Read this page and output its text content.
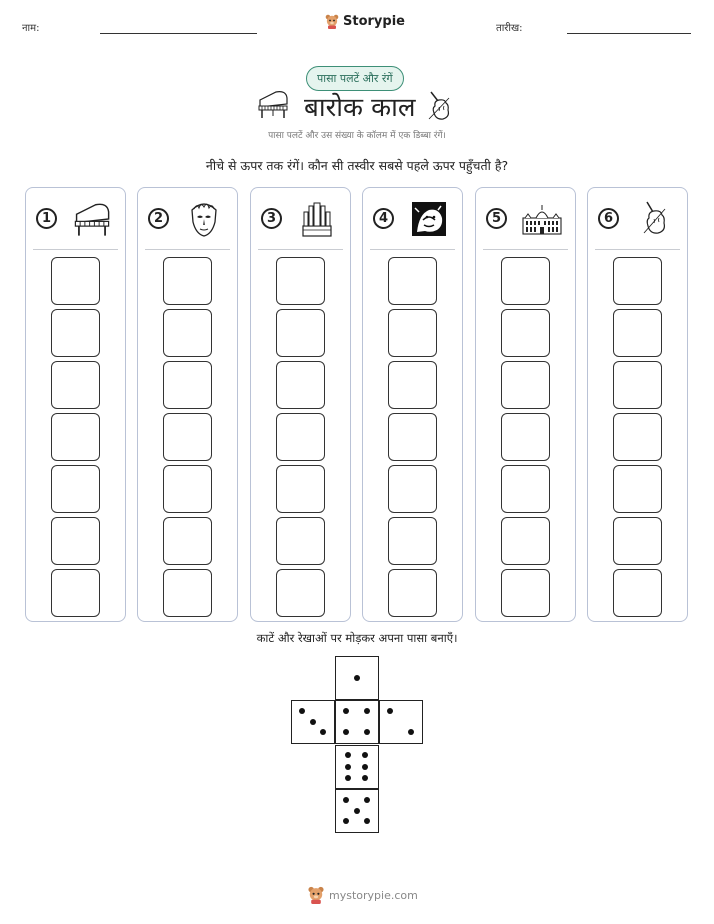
नाम:	Storypie	तारीख:
पासा पलटें और रंगें
बारोक काल
पासा पलटें और उस संख्या के कॉलम में एक डिब्बा रंगें।
नीचे से ऊपर तक रंगें। कौन सी तस्वीर सबसे पहले ऊपर पहुँचती है?
1	2	3	4	5	6
काटें और रेखाओं पर मोड़कर अपना पासा बनाएँ।
mystorypie.com
